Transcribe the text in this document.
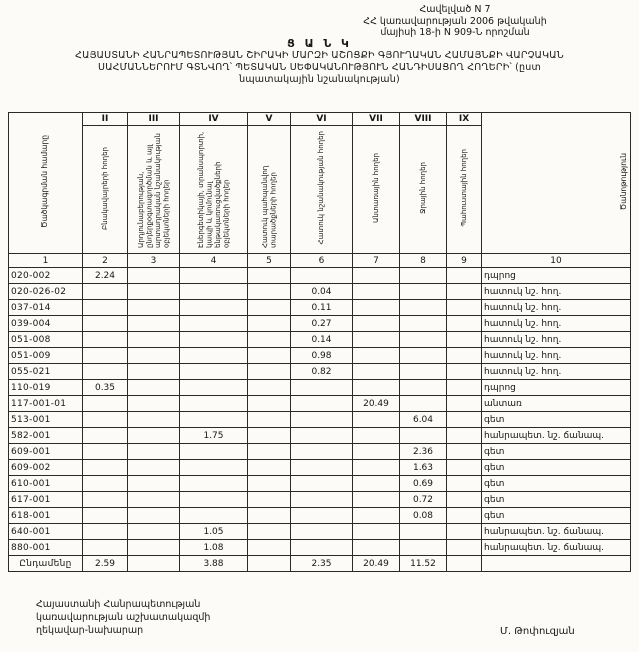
Հավելված N 7
ՀՀ կառավարության 2006 թվականի
մայիսի 18-ի N 909-Ն որոշման
Ց Ա Ն Կ
ՀԱՅԱՍՏԱՆԻ ՀԱՆՐԱՊԵՏՈՒԹՅԱՆ ՇԻՐԱԿԻ ՄԱՐԶԻ ԱՇՈՑՔԻ ԳՅՈՒՂԱԿԱՆ ՀԱՄԱՅՆՔԻ ՎԱՐՉԱԿԱՆ
ՍԱՀՄԱՆՆԵՐՈՒՄ ԳՏՆՎՈՂ՝ ՊԵՏԱԿԱՆ ՍԵՓԱԿԱՆՈՒԹՅՈՒՆ ՀԱՆԴԻՍԱՑՈՂ ՀՈՂԵՐԻ՝ (ըստ
նպատակային նշանակության)
Ծածկագրման համարը	II	III	IV	V	VI	VII	VIII	IX	Ծանոթություն
	Բնակավայրերի հողեր	Արդյունաբերության, ընդերքօգտագործման և այլ արտադրական նշանակության օբյեկտների հողեր	Էներգետիկայի, տրանսպորտի, կապի և կոմունալ ենթակառուցվածքների օբյեկտների հողեր	Հատուկ պահպանվող տարածքների հողեր	Հատուկ նշանակության հողեր	Անտառային հողեր	Ջրային հողեր	Պահուստային հողեր	
1	2	3	4	5	6	7	8	9	10
020-002	2.24								դպրոց
020-026-02					0.04				հատուկ նշ. հող.
037-014					0.11				հատուկ նշ. հող.
039-004					0.27				հատուկ նշ. հող.
051-008					0.14				հատուկ նշ. հող.
051-009					0.98				հատուկ նշ. հող.
055-021					0.82				հատուկ նշ. հող.
110-019	0.35								դպրոց
117-001-01						20.49			անտառ
513-001							6.04		գետ
582-001			1.75						հանրապետ. նշ. ճանապ.
609-001							2.36		գետ
609-002							1.63		գետ
610-001							0.69		գետ
617-001							0.72		գետ
618-001							0.08		գետ
640-001			1.05						հանրապետ. նշ. ճանապ.
880-001			1.08						հանրապետ. նշ. ճանապ.
Ընդամենը	2.59		3.88		2.35	20.49	11.52		
Հայաստանի Հանրապետության
կառավարության աշխատակազմի
ղեկավար-նախարար	Մ. Թոփուզյան
